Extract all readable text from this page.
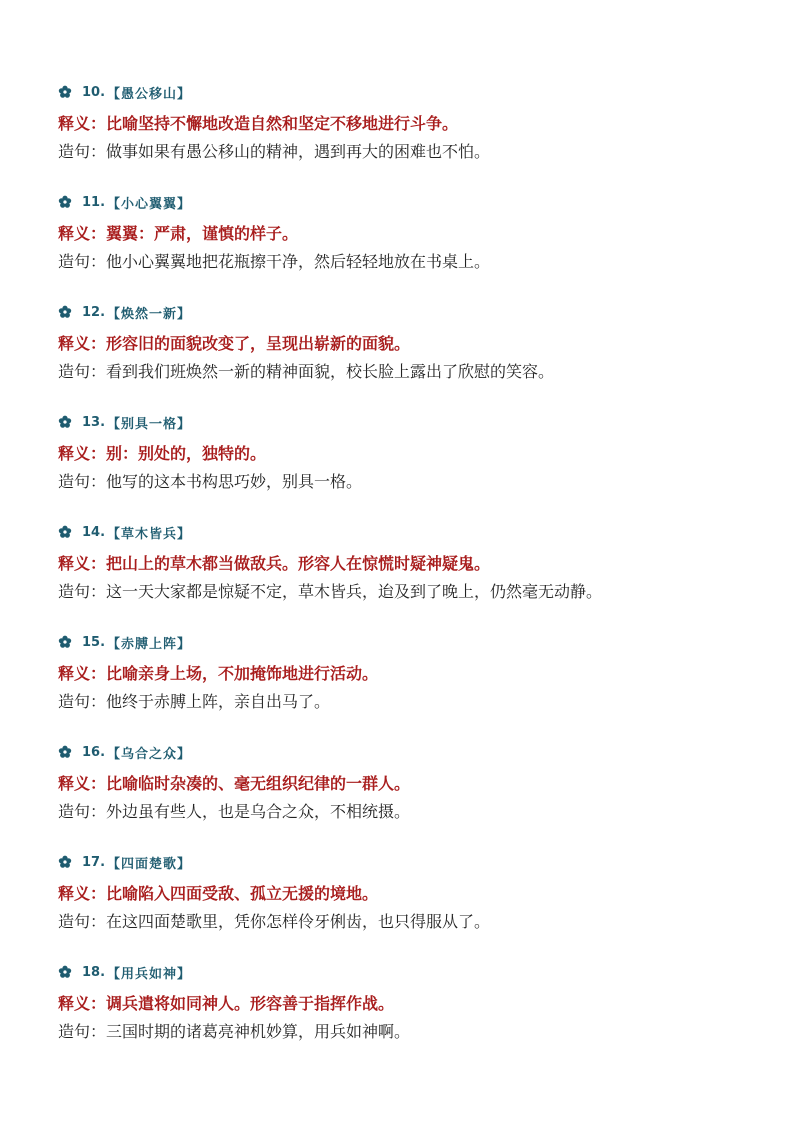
10. 【愚公移山】
释义：比喻坚持不懈地改造自然和坚定不移地进行斗争。
造句：做事如果有愚公移山的精神，遇到再大的困难也不怕。
11. 【小心翼翼】
释义：翼翼：严肃，谨慎的样子。
造句：他小心翼翼地把花瓶擦干净，然后轻轻地放在书桌上。
12. 【焕然一新】
释义：形容旧的面貌改变了，呈现出崭新的面貌。
造句：看到我们班焕然一新的精神面貌，校长脸上露出了欣慰的笑容。
13. 【别具一格】
释义：别：别处的，独特的。
造句：他写的这本书构思巧妙，别具一格。
14. 【草木皆兵】
释义：把山上的草木都当做敌兵。形容人在惊慌时疑神疑鬼。
造句：这一天大家都是惊疑不定，草木皆兵，迨及到了晚上，仍然毫无动静。
15. 【赤膊上阵】
释义：比喻亲身上场，不加掩饰地进行活动。
造句：他终于赤膊上阵，亲自出马了。
16. 【乌合之众】
释义：比喻临时杂凑的、毫无组织纪律的一群人。
造句：外边虽有些人，也是乌合之众，不相统摄。
17. 【四面楚歌】
释义：比喻陷入四面受敌、孤立无援的境地。
造句：在这四面楚歌里，凭你怎样伶牙俐齿，也只得服从了。
18. 【用兵如神】
释义：调兵遣将如同神人。形容善于指挥作战。
造句：三国时期的诸葛亮神机妙算，用兵如神啊。
